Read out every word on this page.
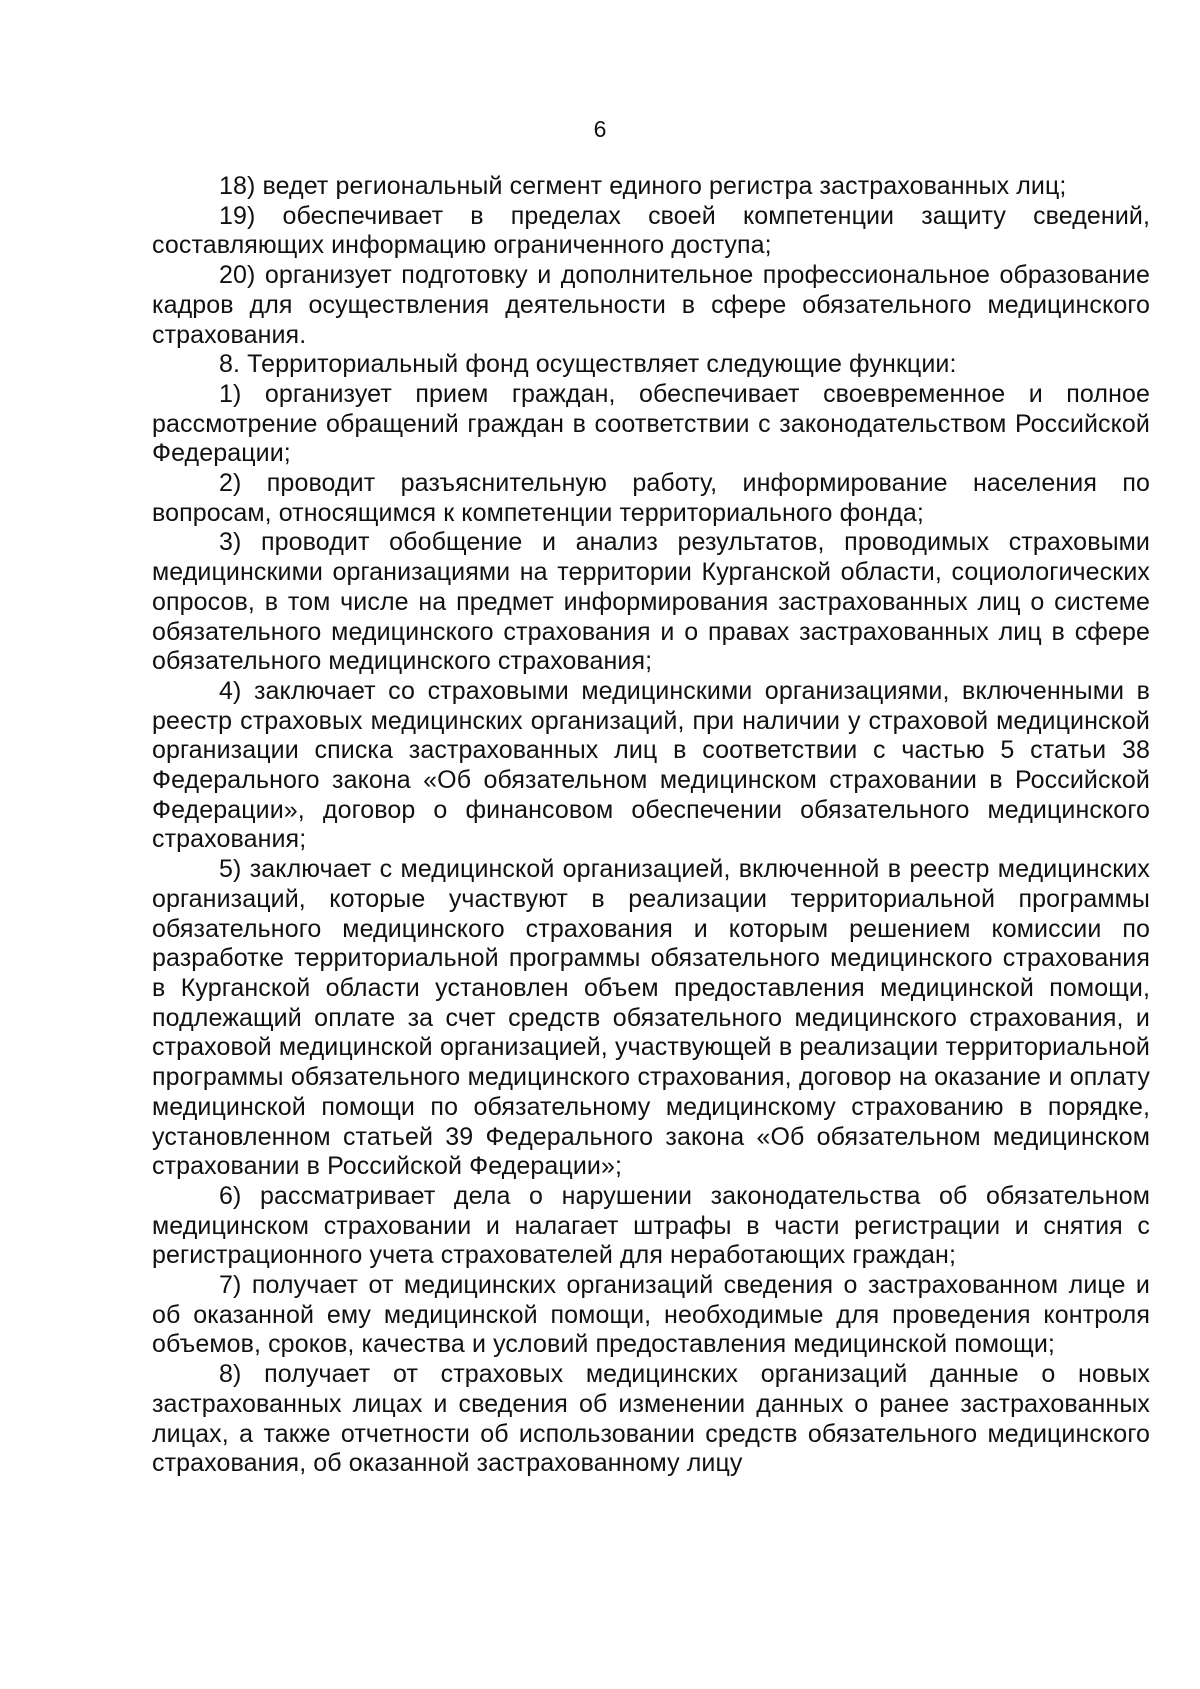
6

18) ведет региональный сегмент единого регистра застрахованных лиц;

19) обеспечивает в пределах своей компетенции защиту сведений, составляющих информацию ограниченного доступа;

20) организует подготовку и дополнительное профессиональное образование кадров для осуществления деятельности в сфере обязательного медицинского страхования.

8. Территориальный фонд осуществляет следующие функции:

1) организует прием граждан, обеспечивает своевременное и полное рассмотрение обращений граждан в соответствии с законодательством Российской Федерации;

2) проводит разъяснительную работу, информирование населения по вопросам, относящимся к компетенции территориального фонда;

3) проводит обобщение и анализ результатов, проводимых страховыми медицинскими организациями на территории Курганской области, социологических опросов, в том числе на предмет информирования застрахованных лиц о системе обязательного медицинского страхования и о правах застрахованных лиц в сфере обязательного медицинского страхования;

4) заключает со страховыми медицинскими организациями, включенными в реестр страховых медицинских организаций, при наличии у страховой медицинской организации списка застрахованных лиц в соответствии с частью 5 статьи 38 Федерального закона «Об обязательном медицинском страховании в Российской Федерации», договор о финансовом обеспечении обязательного медицинского страхования;

5) заключает с медицинской организацией, включенной в реестр медицинских организаций, которые участвуют в реализации территориальной программы обязательного медицинского страхования и которым решением комиссии по разработке территориальной программы обязательного медицинского страхования в Курганской области установлен объем предоставления медицинской помощи, подлежащий оплате за счет средств обязательного медицинского страхования, и страховой медицинской организацией, участвующей в реализации территориальной программы обязательного медицинского страхования, договор на оказание и оплату медицинской помощи по обязательному медицинскому страхованию в порядке, установленном статьей 39 Федерального закона «Об обязательном медицинском страховании в Российской Федерации»;

6) рассматривает дела о нарушении законодательства об обязательном медицинском страховании и налагает штрафы в части регистрации и снятия с регистрационного учета страхователей для неработающих граждан;

7) получает от медицинских организаций сведения о застрахованном лице и об оказанной ему медицинской помощи, необходимые для проведения контроля объемов, сроков, качества и условий предоставления медицинской помощи;

8) получает от страховых медицинских организаций данные о новых застрахованных лицах и сведения об изменении данных о ранее застрахованных лицах, а также отчетности об использовании средств обязательного медицинского страхования, об оказанной застрахованному лицу
